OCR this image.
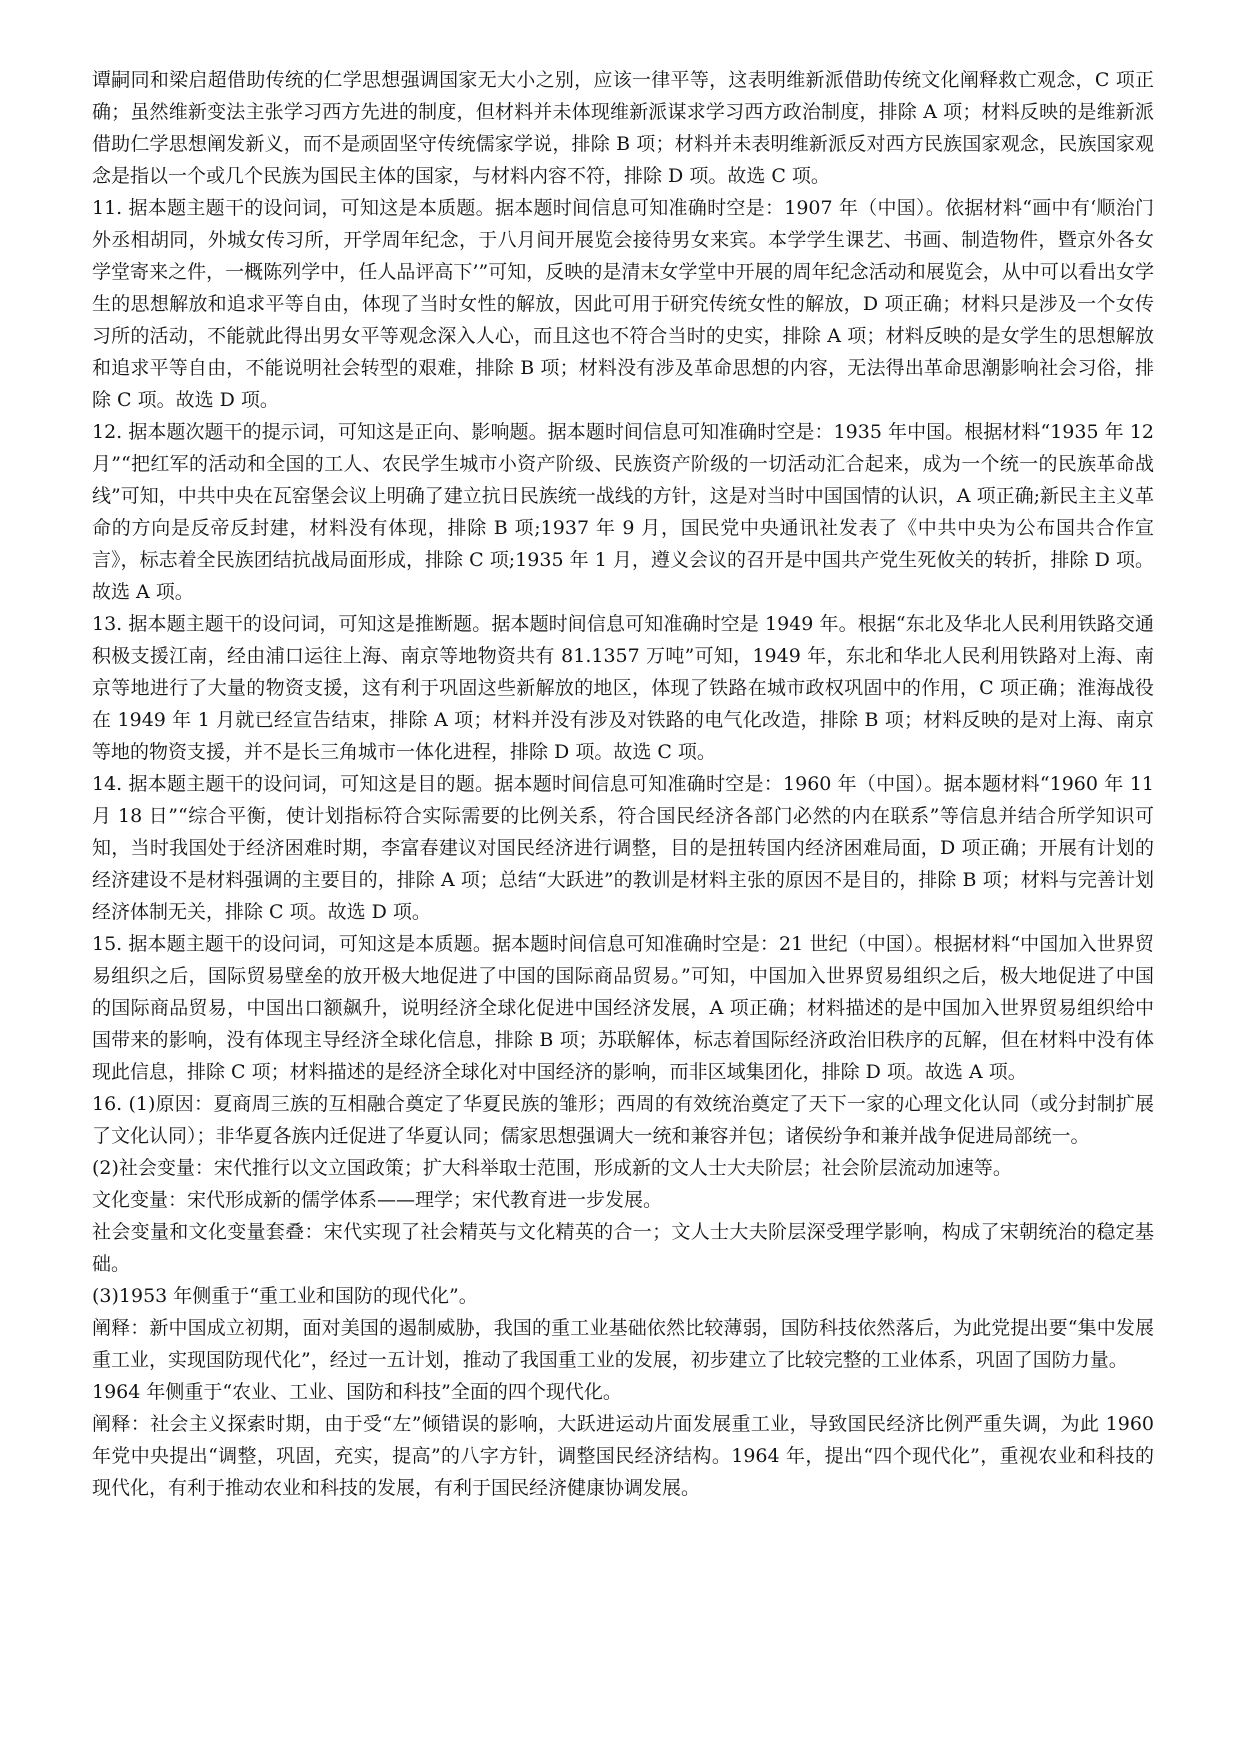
谭嗣同和梁启超借助传统的仁学思想强调国家无大小之别，应该一律平等，这表明维新派借助传统文化阐释救亡观念，C 项正确；虽然维新变法主张学习西方先进的制度，但材料并未体现维新派谋求学习西方政治制度，排除 A 项；材料反映的是维新派借助仁学思想阐发新义，而不是顽固坚守传统儒家学说，排除 B 项；材料并未表明维新派反对西方民族国家观念，民族国家观念是指以一个或几个民族为国民主体的国家，与材料内容不符，排除 D 项。故选 C 项。

11. 据本题主题干的设问词，可知这是本质题。据本题时间信息可知准确时空是：1907 年（中国）。依据材料“画中有‘顺治门外丞相胡同，外城女传习所，开学周年纪念，于八月间开展览会接待男女来宾。本学学生课艺、书画、制造物件，暨京外各女学堂寄来之件，一概陈列学中，任人品评高下’”可知，反映的是清末女学堂中开展的周年纪念活动和展览会，从中可以看出女学生的思想解放和追求平等自由，体现了当时女性的解放，因此可用于研究传统女性的解放，D 项正确；材料只是涉及一个女传习所的活动，不能就此得出男女平等观念深入人心，而且这也不符合当时的史实，排除 A 项；材料反映的是女学生的思想解放和追求平等自由，不能说明社会转型的艰难，排除 B 项；材料没有涉及革命思想的内容，无法得出革命思潮影响社会习俗，排除 C 项。故选 D 项。

12. 据本题次题干的提示词，可知这是正向、影响题。据本题时间信息可知准确时空是：1935 年中国。根据材料“1935 年 12 月”“把红军的活动和全国的工人、农民学生城市小资产阶级、民族资产阶级的一切活动汇合起来，成为一个统一的民族革命战线”可知，中共中央在瓦窑堡会议上明确了建立抗日民族统一战线的方针，这是对当时中国国情的认识，A 项正确;新民主主义革命的方向是反帝反封建，材料没有体现，排除 B 项;1937 年 9 月，国民党中央通讯社发表了《中共中央为公布国共合作宣言》，标志着全民族团结抗战局面形成，排除 C 项;1935 年 1 月，遵义会议的召开是中国共产党生死攸关的转折，排除 D 项。故选 A 项。

13. 据本题主题干的设问词，可知这是推断题。据本题时间信息可知准确时空是 1949 年。根据“东北及华北人民利用铁路交通积极支援江南，经由浦口运往上海、南京等地物资共有 81.1357 万吨”可知，1949 年，东北和华北人民利用铁路对上海、南京等地进行了大量的物资支援，这有利于巩固这些新解放的地区，体现了铁路在城市政权巩固中的作用，C 项正确；淮海战役在 1949 年 1 月就已经宣告结束，排除 A 项；材料并没有涉及对铁路的电气化改造，排除 B 项；材料反映的是对上海、南京等地的物资支援，并不是长三角城市一体化进程，排除 D 项。故选 C 项。

14. 据本题主题干的设问词，可知这是目的题。据本题时间信息可知准确时空是：1960 年（中国）。据本题材料“1960 年 11 月 18 日”“综合平衡，使计划指标符合实际需要的比例关系，符合国民经济各部门必然的内在联系”等信息并结合所学知识可知，当时我国处于经济困难时期，李富春建议对国民经济进行调整，目的是扭转国内经济困难局面，D 项正确；开展有计划的经济建设不是材料强调的主要目的，排除 A 项；总结“大跃进”的教训是材料主张的原因不是目的，排除 B 项；材料与完善计划经济体制无关，排除 C 项。故选 D 项。

15. 据本题主题干的设问词，可知这是本质题。据本题时间信息可知准确时空是：21 世纪（中国）。根据材料“中国加入世界贸易组织之后，国际贸易壁垒的放开极大地促进了中国的国际商品贸易。”可知，中国加入世界贸易组织之后，极大地促进了中国的国际商品贸易，中国出口额飙升，说明经济全球化促进中国经济发展，A 项正确；材料描述的是中国加入世界贸易组织给中国带来的影响，没有体现主导经济全球化信息，排除 B 项；苏联解体，标志着国际经济政治旧秩序的瓦解，但在材料中没有体现此信息，排除 C 项；材料描述的是经济全球化对中国经济的影响，而非区域集团化，排除 D 项。故选 A 项。

16. (1)原因：夏商周三族的互相融合奠定了华夏民族的雏形；西周的有效统治奠定了天下一家的心理文化认同（或分封制扩展了文化认同）；非华夏各族内迁促进了华夏认同；儒家思想强调大一统和兼容并包；诸侯纷争和兼并战争促进局部统一。

(2)社会变量：宋代推行以文立国政策；扩大科举取士范围，形成新的文人士大夫阶层；社会阶层流动加速等。

文化变量：宋代形成新的儒学体系——理学；宋代教育进一步发展。

社会变量和文化变量套叠：宋代实现了社会精英与文化精英的合一；文人士大夫阶层深受理学影响，构成了宋朝统治的稳定基础。

(3)1953 年侧重于“重工业和国防的现代化”。

阐释：新中国成立初期，面对美国的遏制威胁，我国的重工业基础依然比较薄弱，国防科技依然落后，为此党提出要“集中发展重工业，实现国防现代化”，经过一五计划，推动了我国重工业的发展，初步建立了比较完整的工业体系，巩固了国防力量。

1964 年侧重于“农业、工业、国防和科技”全面的四个现代化。

阐释：社会主义探索时期，由于受“左”倾错误的影响，大跃进运动片面发展重工业，导致国民经济比例严重失调，为此 1960 年党中央提出“调整，巩固，充实，提高”的八字方针，调整国民经济结构。1964 年，提出“四个现代化”，重视农业和科技的现代化，有利于推动农业和科技的发展，有利于国民经济健康协调发展。
